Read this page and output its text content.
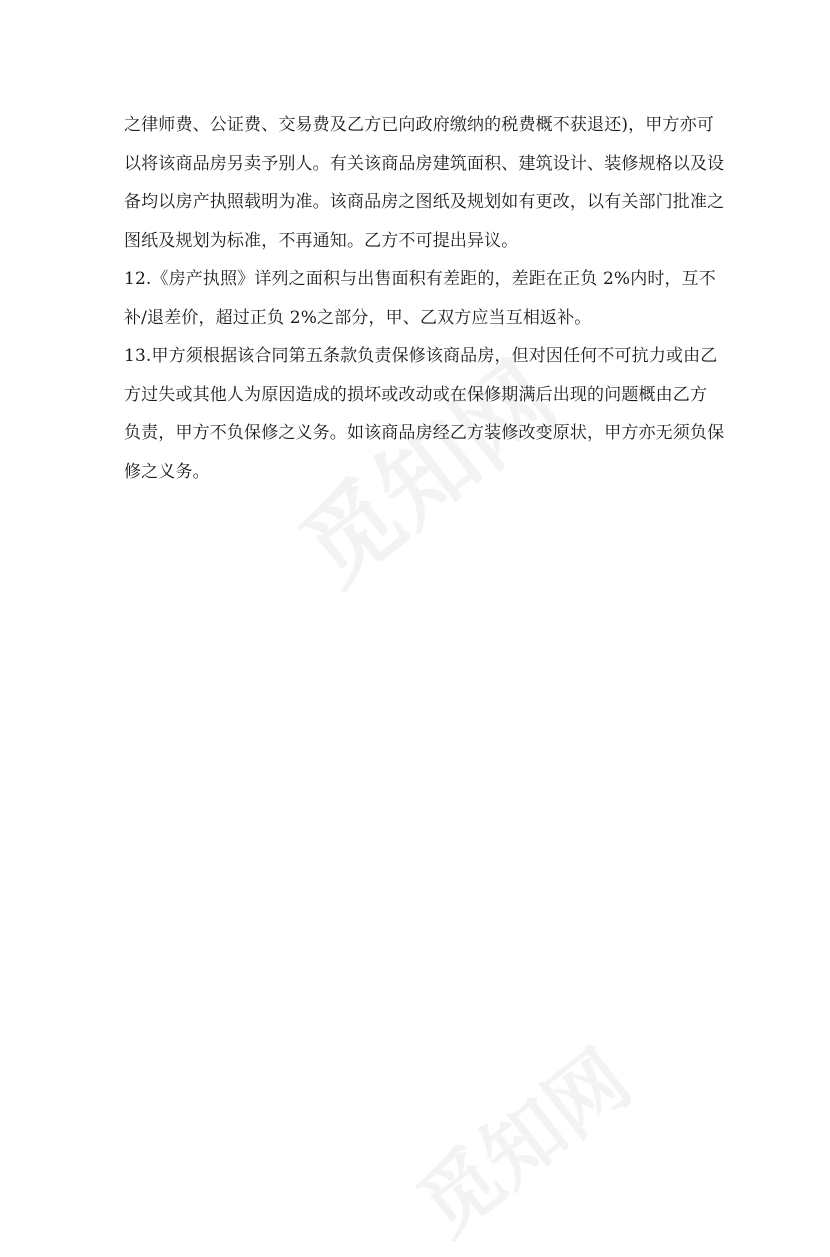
之律师费、公证费、交易费及乙方已向政府缴纳的税费概不获退还)，甲方亦可
以将该商品房另卖予别人。有关该商品房建筑面积、建筑设计、装修规格以及设
备均以房产执照载明为准。该商品房之图纸及规划如有更改，以有关部门批准之
图纸及规划为标准，不再通知。乙方不可提出异议。
12.《房产执照》详列之面积与出售面积有差距的，差距在正负 2%内时，互不
补/退差价，超过正负 2%之部分，甲、乙双方应当互相返补。
13.甲方须根据该合同第五条款负责保修该商品房，但对因任何不可抗力或由乙
方过失或其他人为原因造成的损坏或改动或在保修期满后出现的问题概由乙方
负责，甲方不负保修之义务。如该商品房经乙方装修改变原状，甲方亦无须负保
修之义务。
